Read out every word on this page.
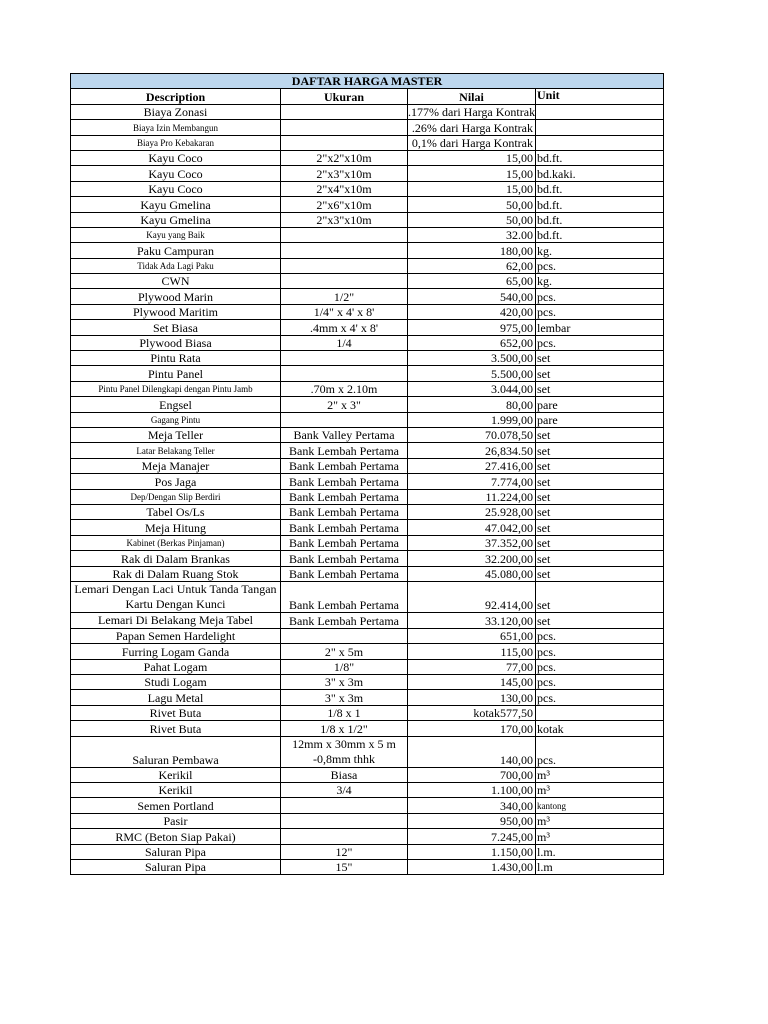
DAFTAR HARGA MASTER			
Description	Ukuran	Nilai	Unit
Biaya Zonasi		.177% dari Harga Kontrak	
Biaya Izin Membangun		.26% dari Harga Kontrak	
Biaya Pro Kebakaran		0,1% dari Harga Kontrak	
Kayu Coco	2"x2"x10m	15,00	bd.ft.
Kayu Coco	2"x3"x10m	15,00	bd.kaki.
Kayu Coco	2"x4"x10m	15,00	bd.ft.
Kayu Gmelina	2"x6"x10m	50,00	bd.ft.
Kayu Gmelina	2"x3"x10m	50,00	bd.ft.
Kayu yang Baik		32.00	bd.ft.
Paku Campuran		180,00	kg.
Tidak Ada Lagi Paku		62,00	pcs.
CWN		65,00	kg.
Plywood Marin	1/2"	540,00	pcs.
Plywood Maritim	1/4" x 4' x 8'	420,00	pcs.
Set Biasa	.4mm x 4' x 8'	975,00	lembar
Plywood Biasa	1/4	652,00	pcs.
Pintu Rata		3.500,00	set
Pintu Panel		5.500,00	set
Pintu Panel Dilengkapi dengan Pintu Jamb	.70m x 2.10m	3.044,00	set
Engsel	2" x 3"	80,00	pare
Gagang Pintu		1.999,00	pare
Meja Teller	Bank Valley Pertama	70.078,50	set
Latar Belakang Teller	Bank Lembah Pertama	26,834.50	set
Meja Manajer	Bank Lembah Pertama	27.416,00	set
Pos Jaga	Bank Lembah Pertama	7.774,00	set
Dep/Dengan Slip Berdiri	Bank Lembah Pertama	11.224,00	set
Tabel Os/Ls	Bank Lembah Pertama	25.928,00	set
Meja Hitung	Bank Lembah Pertama	47.042,00	set
Kabinet (Berkas Pinjaman)	Bank Lembah Pertama	37.352,00	set
Rak di Dalam Brankas	Bank Lembah Pertama	32.200,00	set
Rak di Dalam Ruang Stok	Bank Lembah Pertama	45.080,00	set
Lemari Dengan Laci Untuk Tanda Tangan Kartu Dengan Kunci	Bank Lembah Pertama	92.414,00	set
Lemari Di Belakang Meja Tabel	Bank Lembah Pertama	33.120,00	set
Papan Semen Hardelight		651,00	pcs.
Furring Logam Ganda	2" x 5m	115,00	pcs.
Pahat Logam	1/8"	77,00	pcs.
Studi Logam	3" x 3m	145,00	pcs.
Lagu Metal	3" x 3m	130,00	pcs.
Rivet Buta	1/8 x 1	kotak577,50	
Rivet Buta	1/8 x 1/2"	170,00	kotak
Saluran Pembawa	12mm x 30mm x 5 m -0,8mm thhk	140,00	pcs.
Kerikil	Biasa	700,00	m³
Kerikil	3/4	1.100,00	m³
Semen Portland		340,00	kantong
Pasir		950,00	m³
RMC (Beton Siap Pakai)		7.245,00	m³
Saluran Pipa	12"	1.150,00	l.m.
Saluran Pipa	15"	1.430,00	l.m
